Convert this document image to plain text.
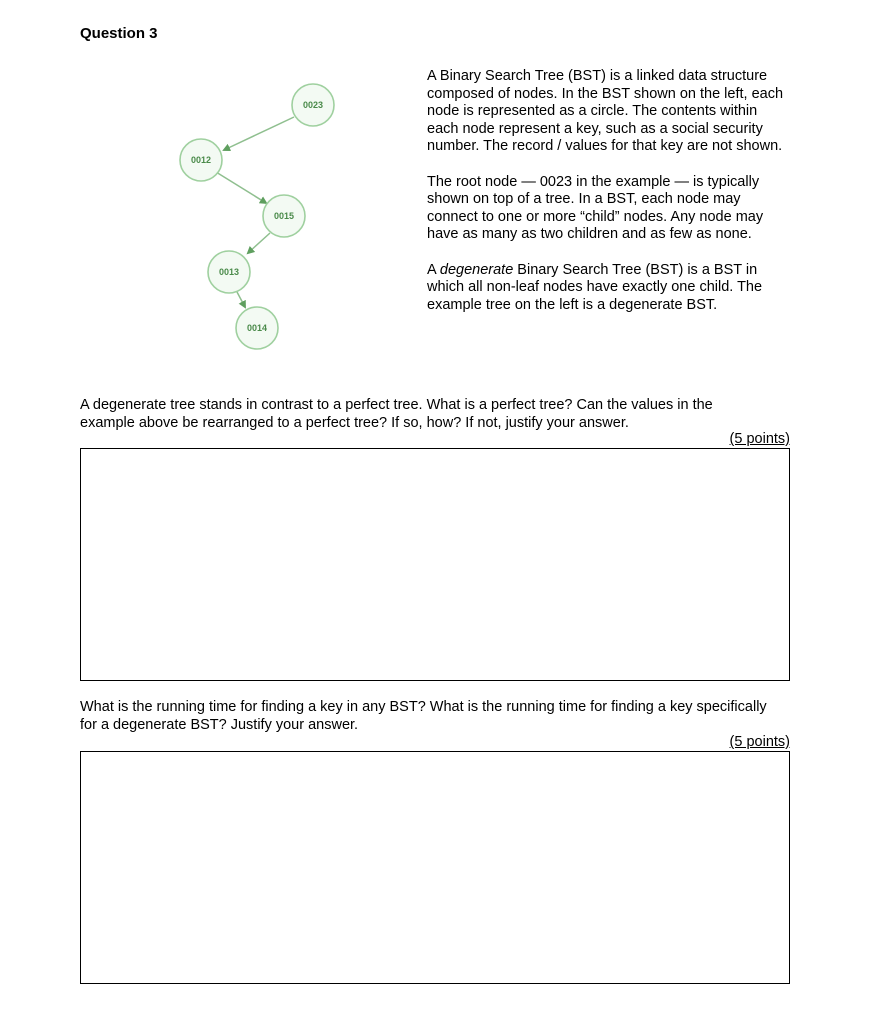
Question 3
0023
0012
0015
0013
0014

A Binary Search Tree (BST) is a linked data structure composed of nodes. In the BST shown on the left, each node is represented as a circle. The contents within each node represent a key, such as a social security number. The record / values for that key are not shown.

The root node — 0023 in the example — is typically shown on top of a tree. In a BST, each node may connect to one or more “child” nodes. Any node may have as many as two children and as few as none.

A degenerate Binary Search Tree (BST) is a BST in which all non-leaf nodes have exactly one child. The example tree on the left is a degenerate BST.

A degenerate tree stands in contrast to a perfect tree. What is a perfect tree? Can the values in the example above be rearranged to a perfect tree? If so, how? If not, justify your answer.
(5 points)
What is the running time for finding a key in any BST? What is the running time for finding a key specifically for a degenerate BST? Justify your answer.
(5 points)
